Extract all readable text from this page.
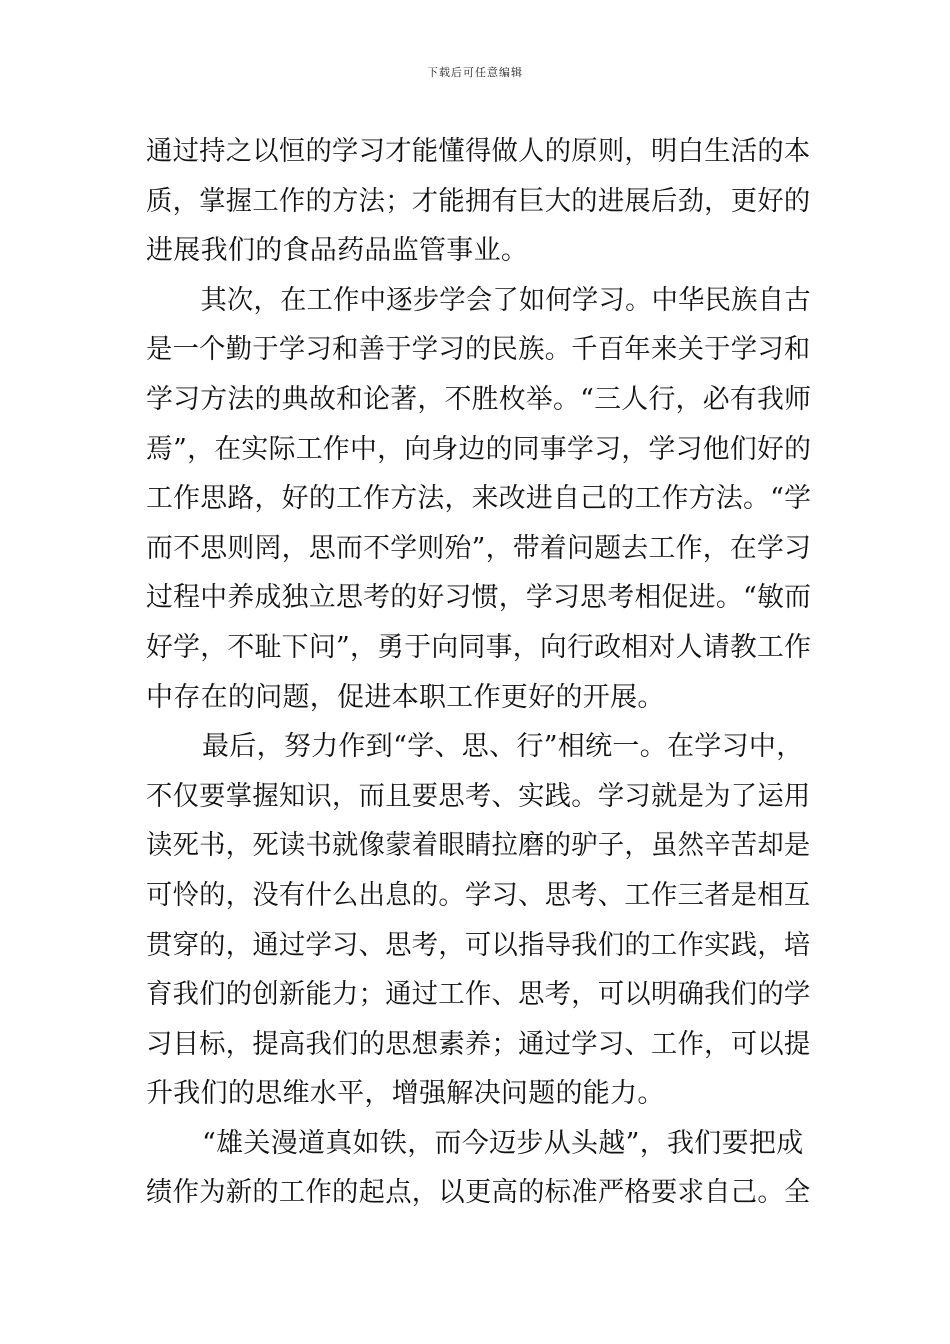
下载后可任意编辑
通过持之以恒的学习才能懂得做人的原则，明白生活的本
质，掌握工作的方法；才能拥有巨大的进展后劲，更好的
进展我们的食品药品监管事业。
其次，在工作中逐步学会了如何学习。中华民族自古
是一个勤于学习和善于学习的民族。千百年来关于学习和
学习方法的典故和论著，不胜枚举。“三人行，必有我师
焉”，在实际工作中，向身边的同事学习，学习他们好的
工作思路，好的工作方法，来改进自己的工作方法。“学
而不思则罔，思而不学则殆”，带着问题去工作，在学习
过程中养成独立思考的好习惯，学习思考相促进。“敏而
好学，不耻下问”，勇于向同事，向行政相对人请教工作
中存在的问题，促进本职工作更好的开展。
最后，努力作到“学、思、行”相统一。在学习中，
不仅要掌握知识，而且要思考、实践。学习就是为了运用
读死书，死读书就像蒙着眼睛拉磨的驴子，虽然辛苦却是
可怜的，没有什么出息的。学习、思考、工作三者是相互
贯穿的，通过学习、思考，可以指导我们的工作实践，培
育我们的创新能力；通过工作、思考，可以明确我们的学
习目标，提高我们的思想素养；通过学习、工作，可以提
升我们的思维水平，增强解决问题的能力。
“雄关漫道真如铁，而今迈步从头越”，我们要把成
绩作为新的工作的起点，以更高的标准严格要求自己。全
